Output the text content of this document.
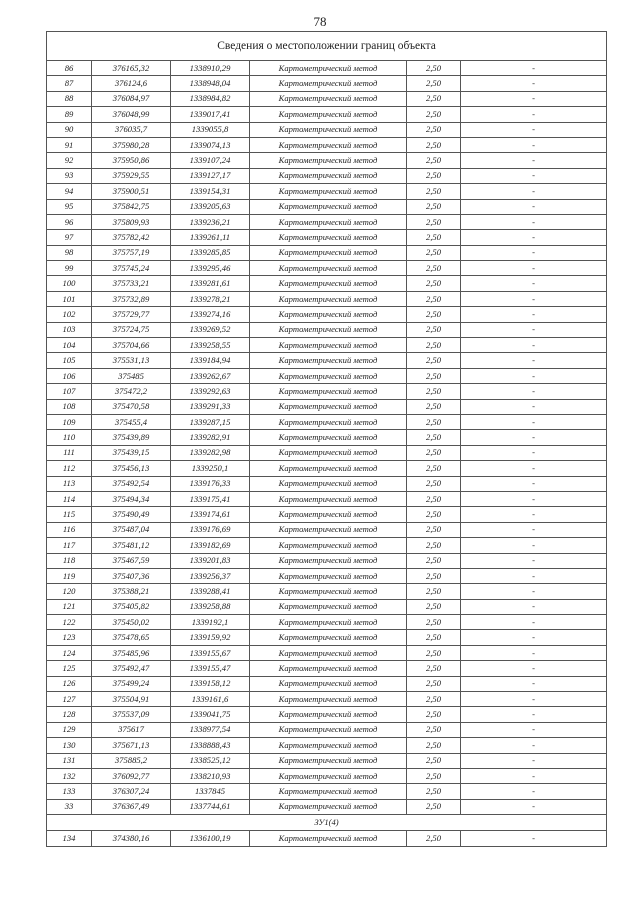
78
Сведения о местоположении границ объекта					
86	376165,32	1338910,29	Картометрический метод	2,50	-
87	376124,6	1338948,04	Картометрический метод	2,50	-
88	376084,97	1338984,82	Картометрический метод	2,50	-
89	376048,99	1339017,41	Картометрический метод	2,50	-
90	376035,7	1339055,8	Картометрический метод	2,50	-
91	375980,28	1339074,13	Картометрический метод	2,50	-
92	375950,86	1339107,24	Картометрический метод	2,50	-
93	375929,55	1339127,17	Картометрический метод	2,50	-
94	375900,51	1339154,31	Картометрический метод	2,50	-
95	375842,75	1339205,63	Картометрический метод	2,50	-
96	375809,93	1339236,21	Картометрический метод	2,50	-
97	375782,42	1339261,11	Картометрический метод	2,50	-
98	375757,19	1339285,85	Картометрический метод	2,50	-
99	375745,24	1339295,46	Картометрический метод	2,50	-
100	375733,21	1339281,61	Картометрический метод	2,50	-
101	375732,89	1339278,21	Картометрический метод	2,50	-
102	375729,77	1339274,16	Картометрический метод	2,50	-
103	375724,75	1339269,52	Картометрический метод	2,50	-
104	375704,66	1339258,55	Картометрический метод	2,50	-
105	375531,13	1339184,94	Картометрический метод	2,50	-
106	375485	1339262,67	Картометрический метод	2,50	-
107	375472,2	1339292,63	Картометрический метод	2,50	-
108	375470,58	1339291,33	Картометрический метод	2,50	-
109	375455,4	1339287,15	Картометрический метод	2,50	-
110	375439,89	1339282,91	Картометрический метод	2,50	-
111	375439,15	1339282,98	Картометрический метод	2,50	-
112	375456,13	1339250,1	Картометрический метод	2,50	-
113	375492,54	1339176,33	Картометрический метод	2,50	-
114	375494,34	1339175,41	Картометрический метод	2,50	-
115	375490,49	1339174,61	Картометрический метод	2,50	-
116	375487,04	1339176,69	Картометрический метод	2,50	-
117	375481,12	1339182,69	Картометрический метод	2,50	-
118	375467,59	1339201,83	Картометрический метод	2,50	-
119	375407,36	1339256,37	Картометрический метод	2,50	-
120	375388,21	1339288,41	Картометрический метод	2,50	-
121	375405,82	1339258,88	Картометрический метод	2,50	-
122	375450,02	1339192,1	Картометрический метод	2,50	-
123	375478,65	1339159,92	Картометрический метод	2,50	-
124	375485,96	1339155,67	Картометрический метод	2,50	-
125	375492,47	1339155,47	Картометрический метод	2,50	-
126	375499,24	1339158,12	Картометрический метод	2,50	-
127	375504,91	1339161,6	Картометрический метод	2,50	-
128	375537,09	1339041,75	Картометрический метод	2,50	-
129	375617	1338977,54	Картометрический метод	2,50	-
130	375671,13	1338888,43	Картометрический метод	2,50	-
131	375885,2	1338525,12	Картометрический метод	2,50	-
132	376092,77	1338210,93	Картометрический метод	2,50	-
133	376307,24	1337845	Картометрический метод	2,50	-
33	376367,49	1337744,61	Картометрический метод	2,50	-
ЗУ1(4)					
134	374380,16	1336100,19	Картометрический метод	2,50	-
